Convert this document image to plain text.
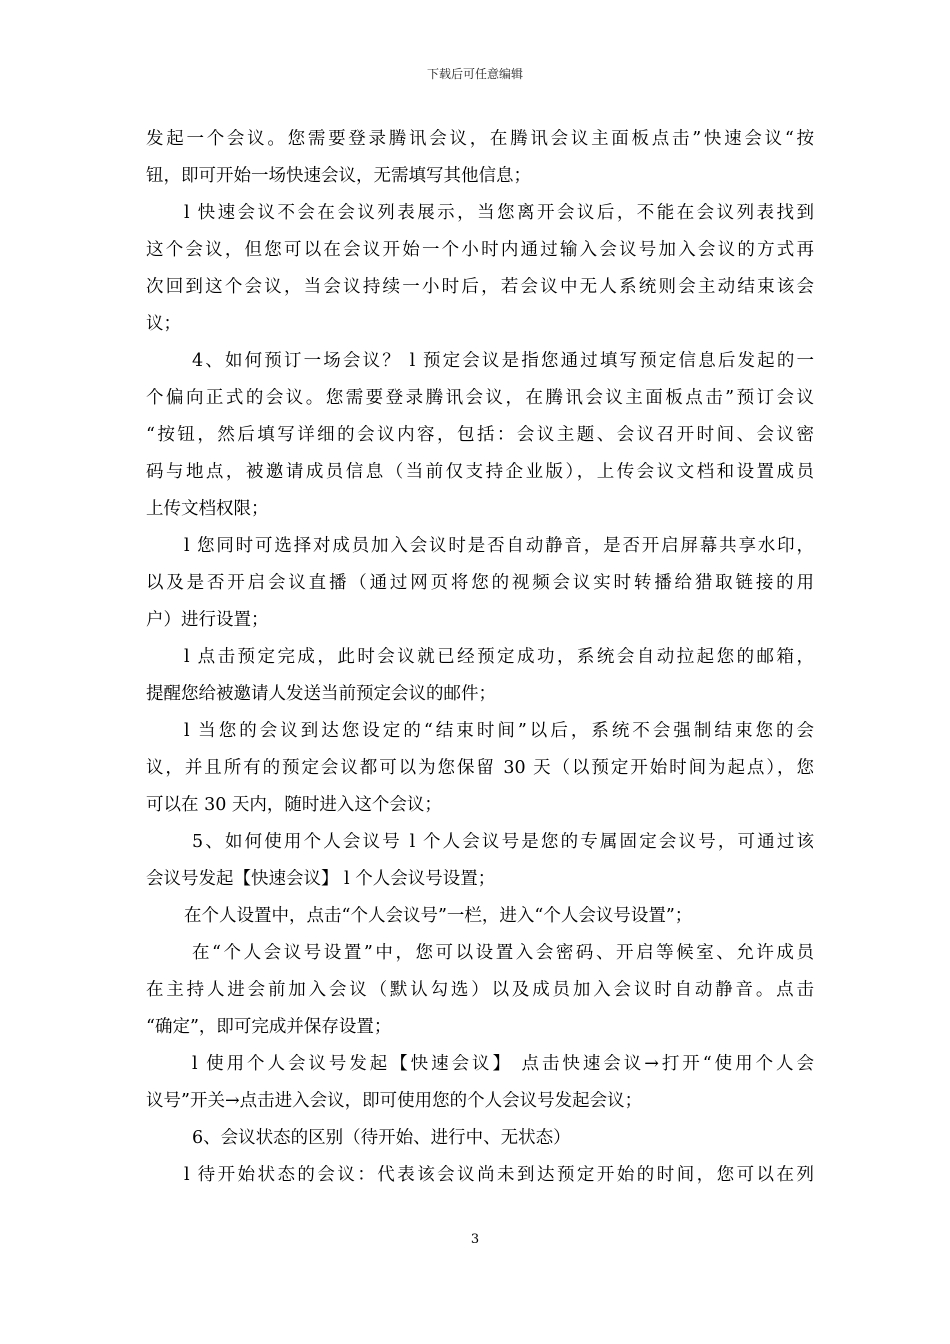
下载后可任意编辑
发起一个会议。您需要登录腾讯会议，在腾讯会议主面板点击”快速会议“按
钮，即可开始一场快速会议，无需填写其他信息；
l 快速会议不会在会议列表展示，当您离开会议后，不能在会议列表找到
这个会议，但您可以在会议开始一个小时内通过输入会议号加入会议的方式再
次回到这个会议，当会议持续一小时后，若会议中无人系统则会主动结束该会
议；
4、如何预订一场会议？ l 预定会议是指您通过填写预定信息后发起的一
个偏向正式的会议。您需要登录腾讯会议，在腾讯会议主面板点击”预订会议
“按钮，然后填写详细的会议内容，包括：会议主题、会议召开时间、会议密
码与地点，被邀请成员信息（当前仅支持企业版），上传会议文档和设置成员
上传文档权限；
l 您同时可选择对成员加入会议时是否自动静音，是否开启屏幕共享水印，
以及是否开启会议直播（通过网页将您的视频会议实时转播给猎取链接的用
户）进行设置；
l 点击预定完成，此时会议就已经预定成功，系统会自动拉起您的邮箱，
提醒您给被邀请人发送当前预定会议的邮件；
l 当您的会议到达您设定的“结束时间”以后，系统不会强制结束您的会
议，并且所有的预定会议都可以为您保留 30 天（以预定开始时间为起点），您
可以在 30 天内，随时进入这个会议；
5、如何使用个人会议号 l 个人会议号是您的专属固定会议号，可通过该
会议号发起【快速会议】 l 个人会议号设置；
在个人设置中，点击“个人会议号”一栏，进入“个人会议号设置”；
在“个人会议号设置”中，您可以设置入会密码、开启等候室、允许成员
在主持人进会前加入会议（默认勾选）以及成员加入会议时自动静音。点击
“确定”，即可完成并保存设置；
l 使用个人会议号发起【快速会议】 点击快速会议→打开“使用个人会
议号”开关→点击进入会议，即可使用您的个人会议号发起会议；
6、会议状态的区别（待开始、进行中、无状态）
l 待开始状态的会议：代表该会议尚未到达预定开始的时间，您可以在列
3
